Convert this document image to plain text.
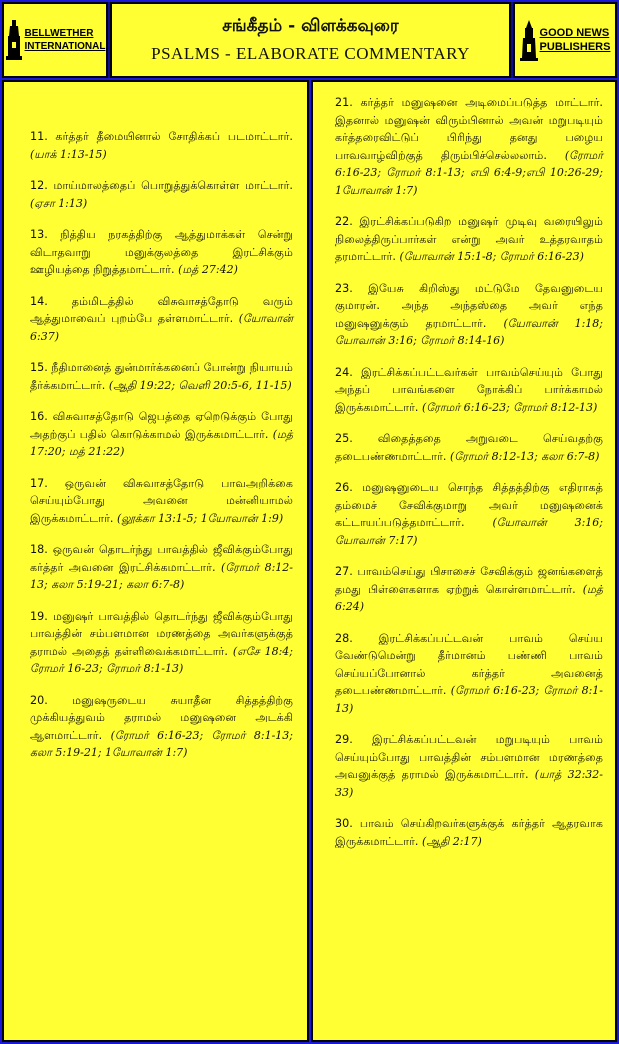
BELLWETHER
INTERNATIONAL
சங்கீதம் - விளக்கவுரை
PSALMS - ELABORATE COMMENTARY
GOOD NEWS
PUBLISHERS
11. கர்த்தர் தீமையினால் சோதிக்கப் படமாட்டார். (யாக் 1:13-15)
12. மாய்மாலத்தைப் பொறுத்துக்கொள்ள மாட்டார். (ஏசா 1:13)
13. நித்திய நரகத்திற்கு ஆத்துமாக்கள் சென்று விடாதவாறு மனுக்குலத்தை இரட்சிக்கும் ஊழியத்தை நிறுத்தமாட்டார். (மத் 27:42)
14. தம்மிடத்தில் விசுவாசத்தோடு வரும் ஆத்துமாவைப் புறம்பே தள்ளமாட்டார். (யோவான் 6:37)
15. நீதிமானைத் துன்மார்க்கனைப் போன்று நியாயம் தீர்க்கமாட்டார். (ஆதி 19:22; வெளி 20:5-6, 11-15)
16. விசுவாசத்தோடு ஜெபத்தை ஏறெடுக்கும் போது அதற்குப் பதில் கொடுக்காமல் இருக்கமாட்டார். (மத் 17:20; மத் 21:22)
17. ஒருவன் விசுவாசத்தோடு பாவஅறிக்கை செய்யும்போது அவனை மன்னியாமல் இருக்கமாட்டார். (லூக்கா 13:1-5; 1யோவான் 1:9)
18. ஒருவன் தொடர்ந்து பாவத்தில் ஜீவிக்கும்போது கர்த்தர் அவனை இரட்சிக்கமாட்டார். (ரோமர் 8:12-13; கலா 5:19-21; கலா 6:7-8)
19. மனுஷர் பாவத்தில் தொடர்ந்து ஜீவிக்கும்போது பாவத்தின் சம்பளமான மரணத்தை அவர்களுக்குத் தராமல் அதைத் தள்ளிவைக்கமாட்டார். (எசே 18:4; ரோமர் 16-23; ரோமர் 8:1-13)
20. மனுஷருடைய சுயாதீன சித்தத்திற்கு முக்கியத்துவம் தராமல் மனுஷனை அடக்கி ஆளமாட்டார். (ரோமர் 6:16-23; ரோமர் 8:1-13; கலா 5:19-21; 1யோவான் 1:7)
21. கர்த்தர் மனுஷனை அடிமைப்படுத்த மாட்டார். இதனால் மனுஷன் விரும்பினால் அவன் மறுபடியும் கர்த்தரைவிட்டுப் பிரிந்து தனது பழைய பாவவாழ்விற்குத் திரும்பிச்செல்லலாம். (ரோமர் 6:16-23; ரோமர் 8:1-13; எபி 6:4-9;எபி 10:26-29; 1யோவான் 1:7)
22. இரட்சிக்கப்படுகிற மனுஷர் முடிவு வரையிலும் நிலைத்திருப்பார்கள் என்று அவர் உத்தரவாதம் தரமாட்டார். (யோவான் 15:1-8; ரோமர் 6:16-23)
23. இயேசு கிறிஸ்து மட்டுமே தேவனுடைய குமாரன். அந்த அந்தஸ்தை அவர் எந்த மனுஷனுக்கும் தரமாட்டார். (யோவான் 1:18; யோவான் 3:16; ரோமர் 8:14-16)
24. இரட்சிக்கப்பட்டவர்கள் பாவம்செய்யும் போது அந்தப் பாவங்களை நோக்கிப் பார்க்காமல் இருக்கமாட்டார். (ரோமர் 6:16-23; ரோமர் 8:12-13)
25. விதைத்ததை அறுவடை செய்வதற்கு தடைபண்ணமாட்டார். (ரோமர் 8:12-13; கலா 6:7-8)
26. மனுஷனுடைய சொந்த சித்தத்திற்கு எதிராகத் தம்மைச் சேவிக்குமாறு அவர் மனுஷனைக் கட்டாயப்படுத்தமாட்டார்.	(யோவான் 3:16; யோவான் 7:17)
27. பாவம்செய்து பிசாசைச் சேவிக்கும் ஜனங்களைத் தமது பிள்ளைகளாக ஏற்றுக் கொள்ளமாட்டார். (மத் 6:24)
28. இரட்சிக்கப்பட்டவன் பாவம் செய்ய வேண்டுமென்று தீர்மானம் பண்ணி பாவம் செய்யப்போனால் கர்த்தர் அவனைத் தடைபண்ணமாட்டார். (ரோமர் 6:16-23; ரோமர் 8:1-13)
29. இரட்சிக்கப்பட்டவன் மறுபடியும் பாவம் செய்யும்போது பாவத்தின் சம்பளமான மரணத்தை அவனுக்குத் தராமல் இருக்கமாட்டார். (யாத் 32:32-33)
30. பாவம் செய்கிறவர்களுக்குக் கர்த்தர் ஆதரவாக இருக்கமாட்டார். (ஆதி 2:17)
